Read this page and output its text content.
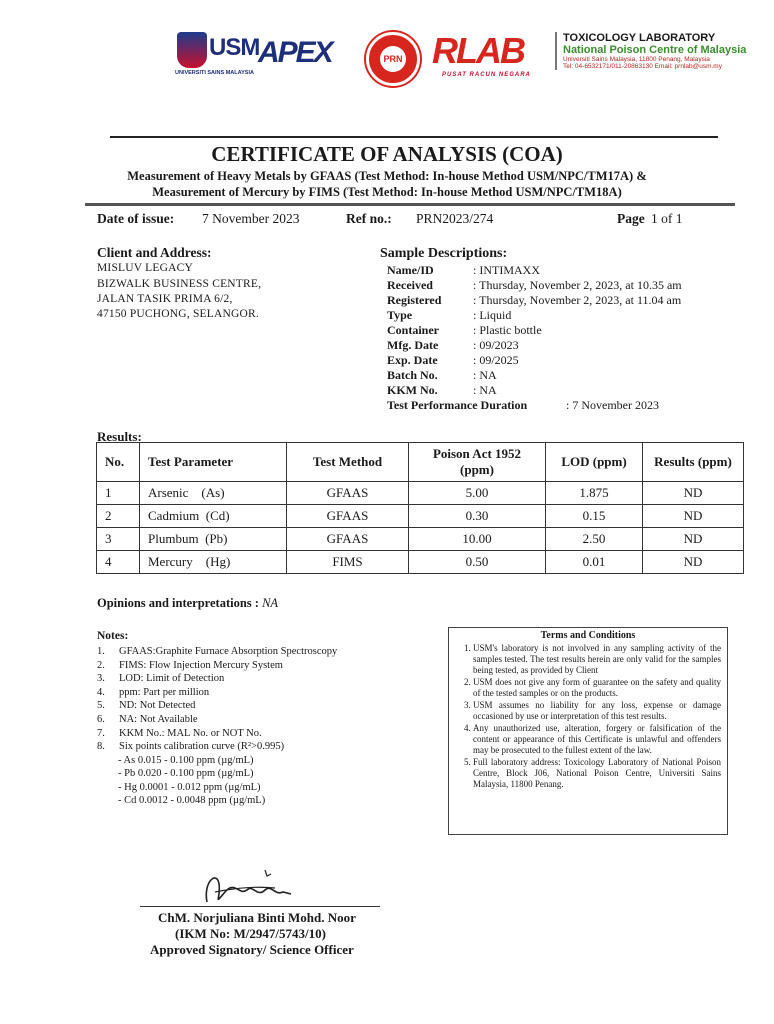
USM
UNIVERSITI SAINS MALAYSIA
APEX	PRN RLAB
PUSAT RACUN NEGARA
TOXICOLOGY LABORATORY
National Poison Centre of Malaysia
Universiti Sains Malaysia, 11800 Penang, Malaysia
Tel: 04-6532171/011-20863130 Email: prnlab@usm.my
CERTIFICATE OF ANALYSIS (COA)
Measurement of Heavy Metals by GFAAS (Test Method: In-house Method USM/NPC/TM17A) &
Measurement of Mercury by FIMS (Test Method: In-house Method USM/NPC/TM18A)
Date of issue: 7 November 2023	Ref no.: PRN2023/274	Page 1 of 1
Client and Address:
MISLUV LEGACY
BIZWALK BUSINESS CENTRE,
JALAN TASIK PRIMA 6/2,
47150 PUCHONG, SELANGOR.
Sample Descriptions:
Name/ID	: INTIMAXX
Received	: Thursday, November 2, 2023, at 10.35 am
Registered	: Thursday, November 2, 2023, at 11.04 am
Type	: Liquid
Container	: Plastic bottle
Mfg. Date	: 09/2023
Exp. Date	: 09/2025
Batch No.	: NA
KKM No.	: NA
Test Performance Duration	: 7 November 2023
Results:
No.	Test Parameter	Test Method	Poison Act 1952 (ppm)	LOD (ppm)	Results (ppm)
1	Arsenic    (As)	GFAAS	5.00	1.875	ND
2	Cadmium  (Cd)	GFAAS	0.30	0.15	ND
3	Plumbum  (Pb)	GFAAS	10.00	2.50	ND
4	Mercury    (Hg)	FIMS	0.50	0.01	ND
Opinions and interpretations : NA
Notes:
1. GFAAS:Graphite Furnace Absorption Spectroscopy
2. FIMS: Flow Injection Mercury System
3. LOD: Limit of Detection
4. ppm: Part per million
5. ND: Not Detected
6. NA: Not Available
7. KKM No.: MAL No. or NOT No.
8. Six points calibration curve (R²>0.995)
- As 0.015 - 0.100 ppm (µg/mL)
- Pb 0.020 - 0.100 ppm (µg/mL)
- Hg 0.0001 - 0.012 ppm (µg/mL)
- Cd 0.0012 - 0.0048 ppm (µg/mL)
Terms and Conditions
1. USM's laboratory is not involved in any sampling activity of the samples tested. The test results herein are only valid for the samples being tested, as provided by Client
2. USM does not give any form of guarantee on the safety and quality of the tested samples or on the products.
3. USM assumes no liability for any loss, expense or damage occasioned by use or interpretation of this test results.
4. Any unauthorized use, alteration, forgery or falsification of the content or appearance of this Certificate is unlawful and offenders may be prosecuted to the fullest extent of the law.
5. Full laboratory address: Toxicology Laboratory of National Poison Centre, Block J06, National Poison Centre, Universiti Sains Malaysia, 11800 Penang.
ChM. Norjuliana Binti Mohd. Noor
(IKM No: M/2947/5743/10)
Approved Signatory/ Science Officer
